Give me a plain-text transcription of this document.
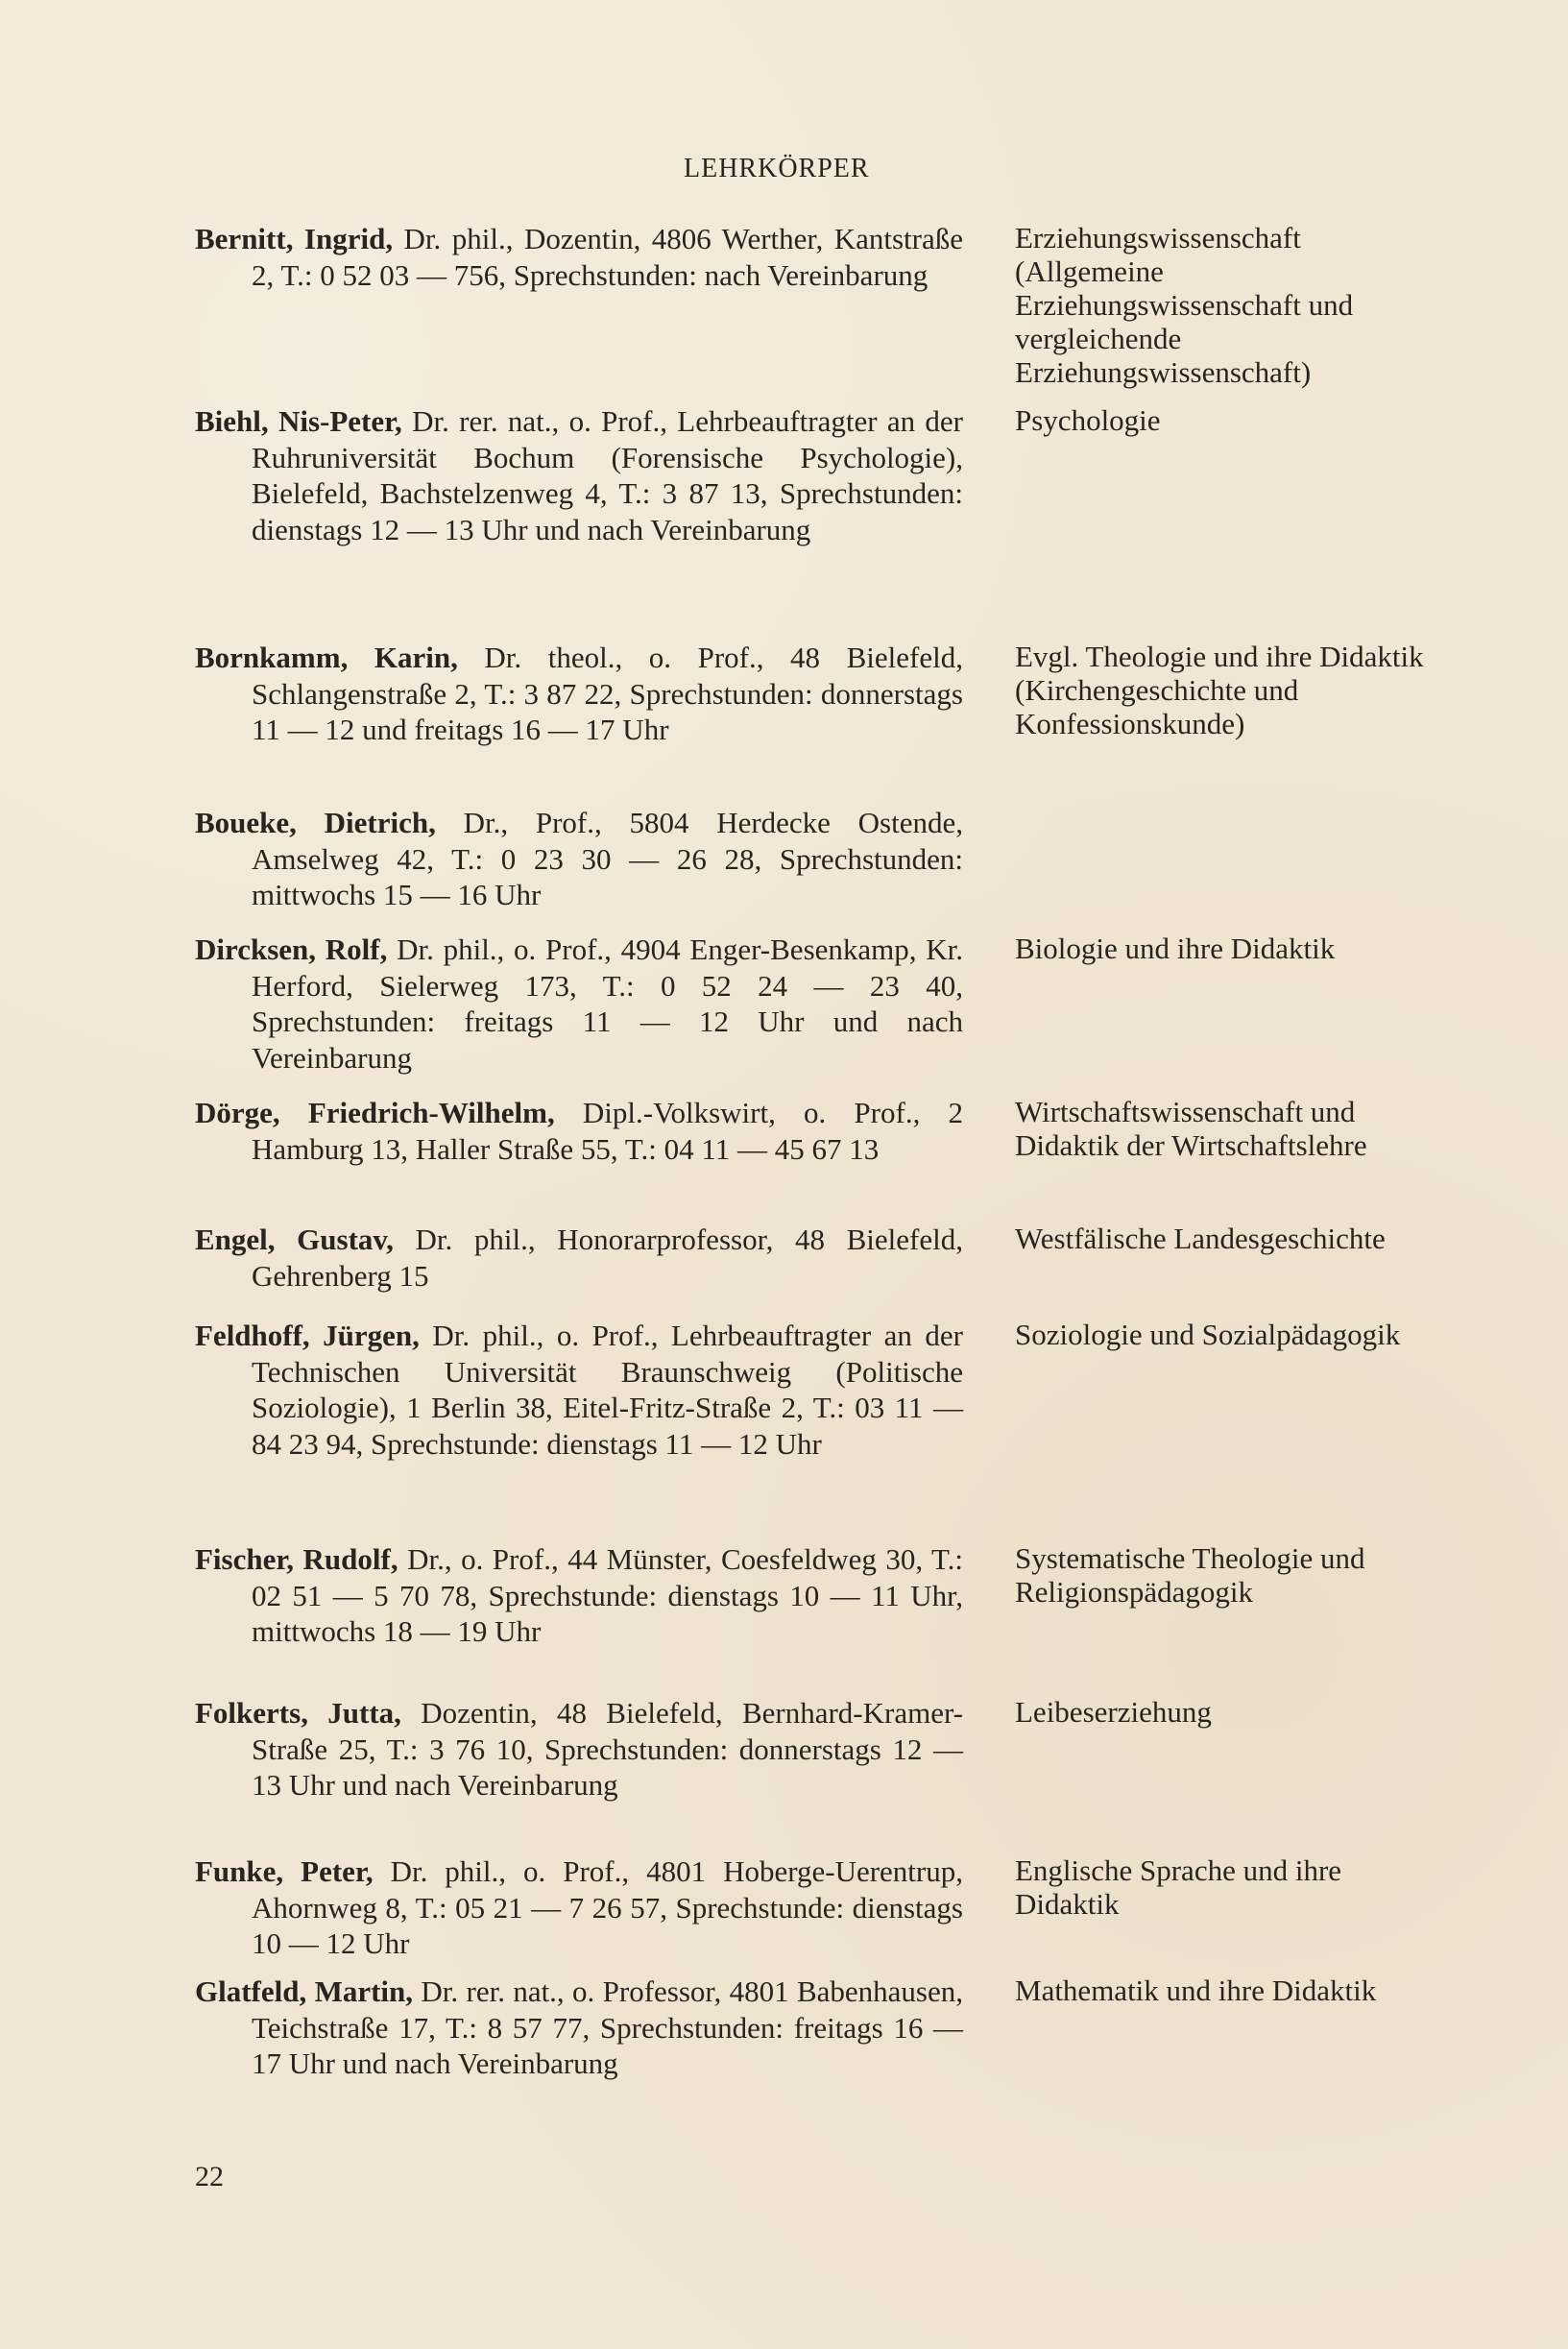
LEHRKÖRPER
Bernitt, Ingrid, Dr. phil., Dozentin, 4806 Werther, Kantstraße 2, T.: 0 52 03 — 756, Sprechstunden: nach Vereinbarung
Erziehungswissenschaft (Allgemeine Erziehungswissenschaft und vergleichende Erziehungswissenschaft)
Biehl, Nis-Peter, Dr. rer. nat., o. Prof., Lehrbeauftragter an der Ruhruniversität Bochum (Forensische Psychologie), Bielefeld, Bachstelzenweg 4, T.: 3 87 13, Sprechstunden: dienstags 12 — 13 Uhr und nach Vereinbarung
Psychologie
Bornkamm, Karin, Dr. theol., o. Prof., 48 Bielefeld, Schlangenstraße 2, T.: 3 87 22, Sprechstunden: donnerstags 11 — 12 und freitags 16 — 17 Uhr
Evgl. Theologie und ihre Didaktik (Kirchengeschichte und Konfessionskunde)
Boueke, Dietrich, Dr., Prof., 5804 Herdecke Ostende, Amselweg 42, T.: 0 23 30 — 26 28, Sprechstunden: mittwochs 15 — 16 Uhr
Dircksen, Rolf, Dr. phil., o. Prof., 4904 Enger-Besenkamp, Kr. Herford, Sielerweg 173, T.: 0 52 24 — 23 40, Sprechstunden: freitags 11 — 12 Uhr und nach Vereinbarung
Biologie und ihre Didaktik
Dörge, Friedrich-Wilhelm, Dipl.-Volkswirt, o. Prof., 2 Hamburg 13, Haller Straße 55, T.: 04 11 — 45 67 13
Wirtschaftswissenschaft und Didaktik der Wirtschaftslehre
Engel, Gustav, Dr. phil., Honorarprofessor, 48 Bielefeld, Gehrenberg 15
Westfälische Landesgeschichte
Feldhoff, Jürgen, Dr. phil., o. Prof., Lehrbeauftragter an der Technischen Universität Braunschweig (Politische Soziologie), 1 Berlin 38, Eitel-Fritz-Straße 2, T.: 03 11 — 84 23 94, Sprechstunde: dienstags 11 — 12 Uhr
Soziologie und Sozialpädagogik
Fischer, Rudolf, Dr., o. Prof., 44 Münster, Coesfeldweg 30, T.: 02 51 — 5 70 78, Sprechstunde: dienstags 10 — 11 Uhr, mittwochs 18 — 19 Uhr
Systematische Theologie und Religionspädagogik
Folkerts, Jutta, Dozentin, 48 Bielefeld, Bernhard-Kramer-Straße 25, T.: 3 76 10, Sprechstunden: donnerstags 12 — 13 Uhr und nach Vereinbarung
Leibeserziehung
Funke, Peter, Dr. phil., o. Prof., 4801 Hoberge-Uerentrup, Ahornweg 8, T.: 05 21 — 7 26 57, Sprechstunde: dienstags 10 — 12 Uhr
Englische Sprache und ihre Didaktik
Glatfeld, Martin, Dr. rer. nat., o. Professor, 4801 Babenhausen, Teichstraße 17, T.: 8 57 77, Sprechstunden: freitags 16 — 17 Uhr und nach Vereinbarung
Mathematik und ihre Didaktik
22
